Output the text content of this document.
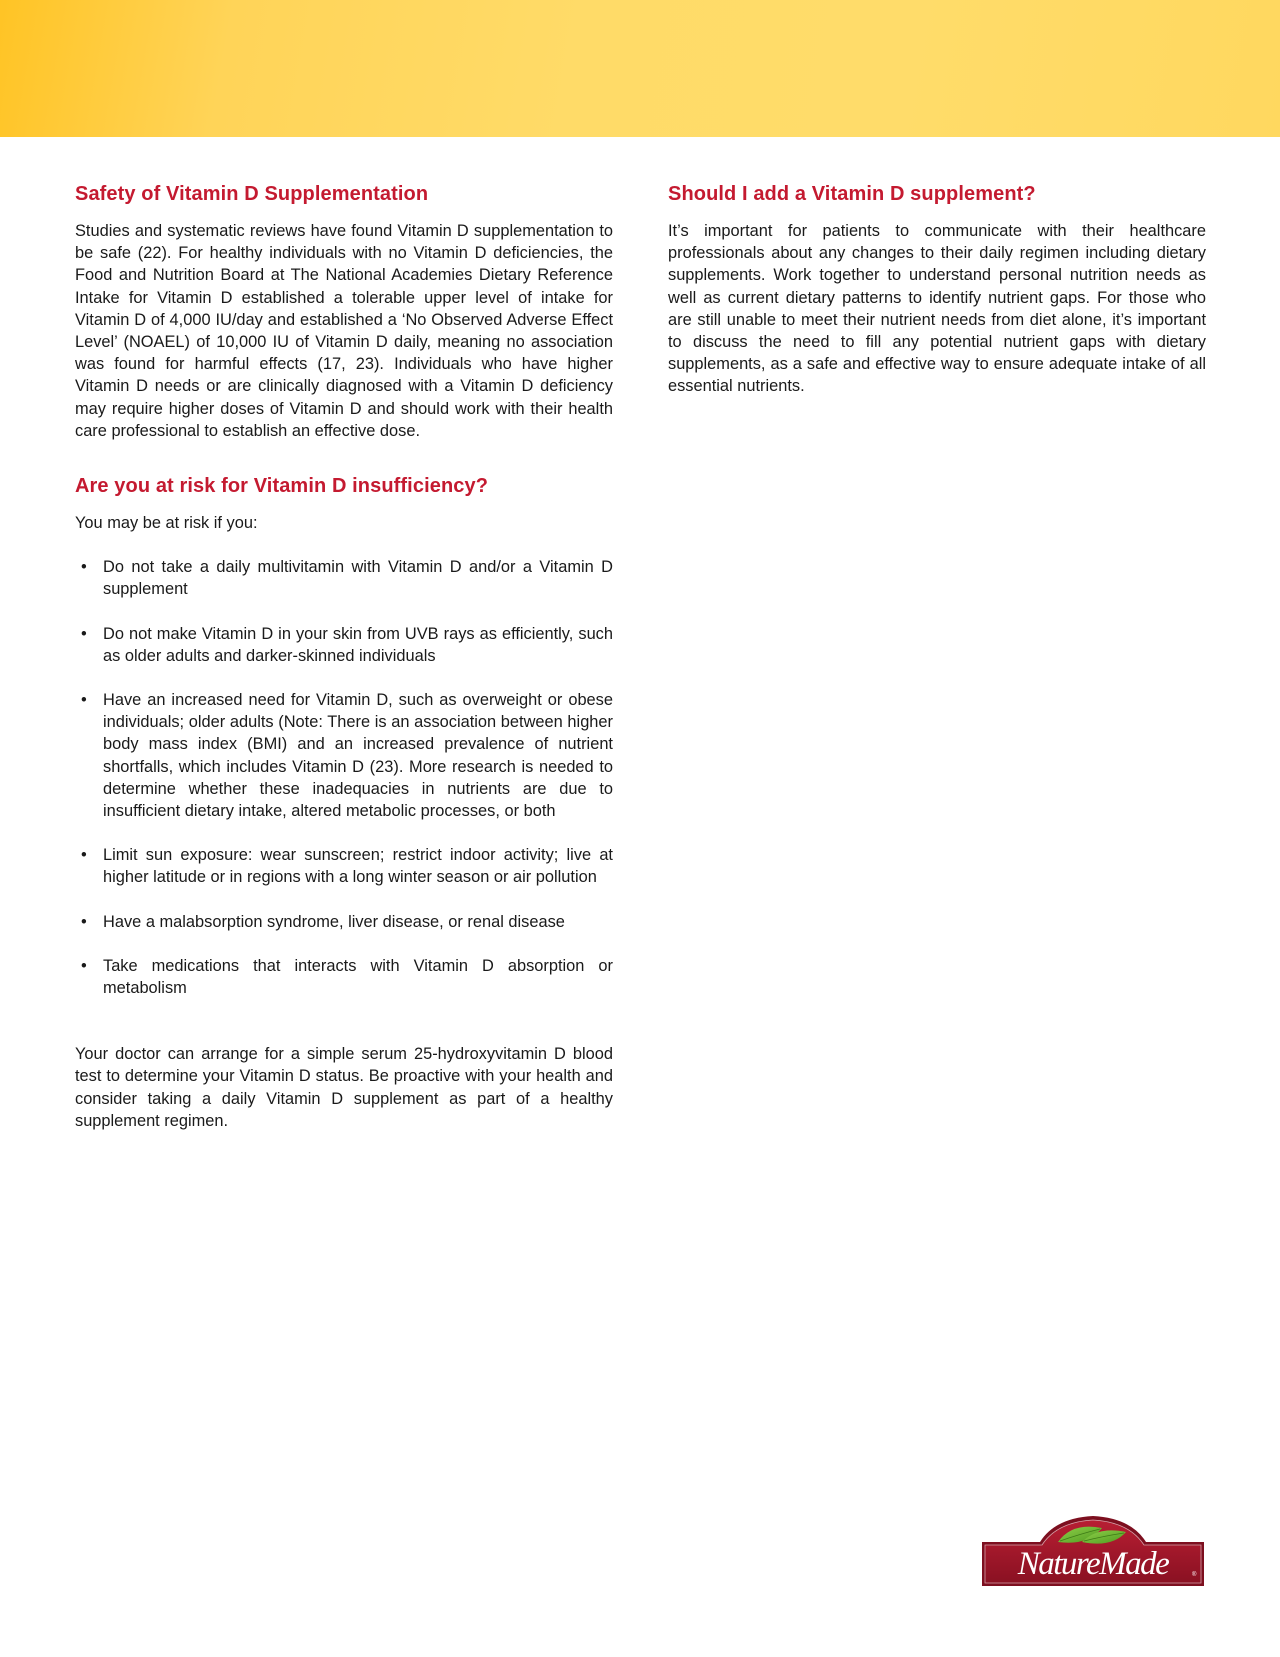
Safety of Vitamin D Supplementation

Studies and systematic reviews have found Vitamin D supplementation to be safe (22). For healthy individuals with no Vitamin D deficiencies, the Food and Nutrition Board at The National Academies Dietary Reference Intake for Vitamin D established a tolerable upper level of intake for Vitamin D of 4,000 IU/day and established a ‘No Observed Adverse Effect Level’ (NOAEL) of 10,000 IU of Vitamin D daily, meaning no association was found for harmful effects (17, 23). Individuals who have higher Vitamin D needs or are clinically diagnosed with a Vitamin D deficiency may require higher doses of Vitamin D and should work with their health care professional to establish an effective dose.

Are you at risk for Vitamin D insufficiency?

You may be at risk if you:

• Do not take a daily multivitamin with Vitamin D and/or a Vitamin D supplement
• Do not make Vitamin D in your skin from UVB rays as efficiently, such as older adults and darker-skinned individuals
• Have an increased need for Vitamin D, such as overweight or obese individuals; older adults (Note: There is an association between higher body mass index (BMI) and an increased prevalence of nutrient shortfalls, which includes Vitamin D (23). More research is needed to determine whether these inadequacies in nutrients are due to insufficient dietary intake, altered metabolic processes, or both
• Limit sun exposure: wear sunscreen; restrict indoor activity; live at higher latitude or in regions with a long winter season or air pollution
• Have a malabsorption syndrome, liver disease, or renal disease
• Take medications that interacts with Vitamin D absorption or metabolism

Your doctor can arrange for a simple serum 25-hydroxyvitamin D blood test to determine your Vitamin D status. Be proactive with your health and consider taking a daily Vitamin D supplement as part of a healthy supplement regimen.

Should I add a Vitamin D supplement?

It’s important for patients to communicate with their healthcare professionals about any changes to their daily regimen including dietary supplements. Work together to understand personal nutrition needs as well as current dietary patterns to identify nutrient gaps. For those who are still unable to meet their nutrient needs from diet alone, it’s important to discuss the need to fill any potential nutrient gaps with dietary supplements, as a safe and effective way to ensure adequate intake of all essential nutrients.

NatureMade	®
